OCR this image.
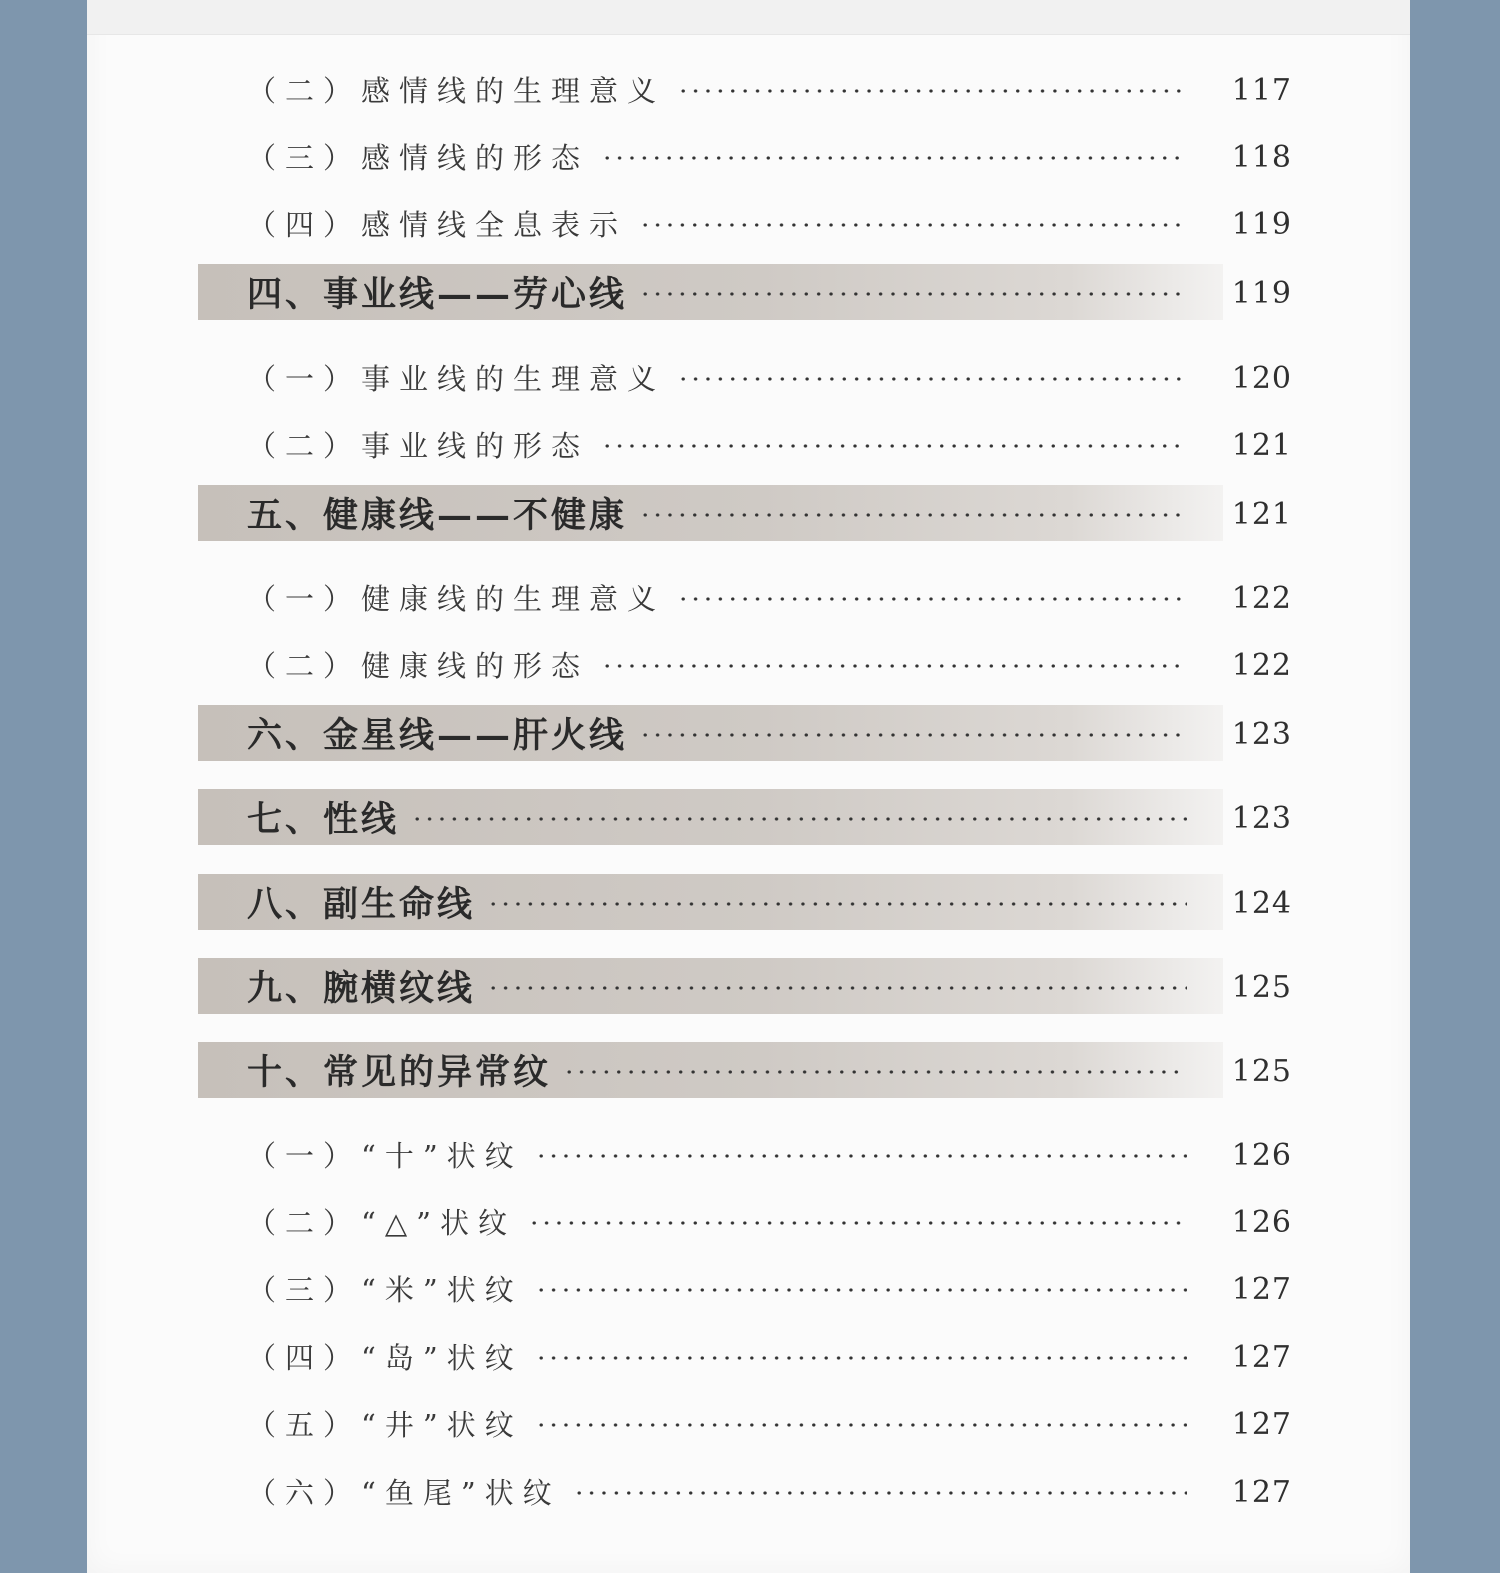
（二）感情线的生理意义	117
（三）感情线的形态	118
（四）感情线全息表示	119
四、事业线——劳心线	119
（一）事业线的生理意义	120
（二）事业线的形态	121
五、健康线——不健康	121
（一）健康线的生理意义	122
（二）健康线的形态	122
六、金星线——肝火线	123
七、性线	123
八、副生命线	124
九、腕横纹线	125
十、常见的异常纹	125
（一）“十”状纹	126
（二）“△”状纹	126
（三）“米”状纹	127
（四）“岛”状纹	127
（五）“井”状纹	127
（六）“鱼尾”状纹	127
